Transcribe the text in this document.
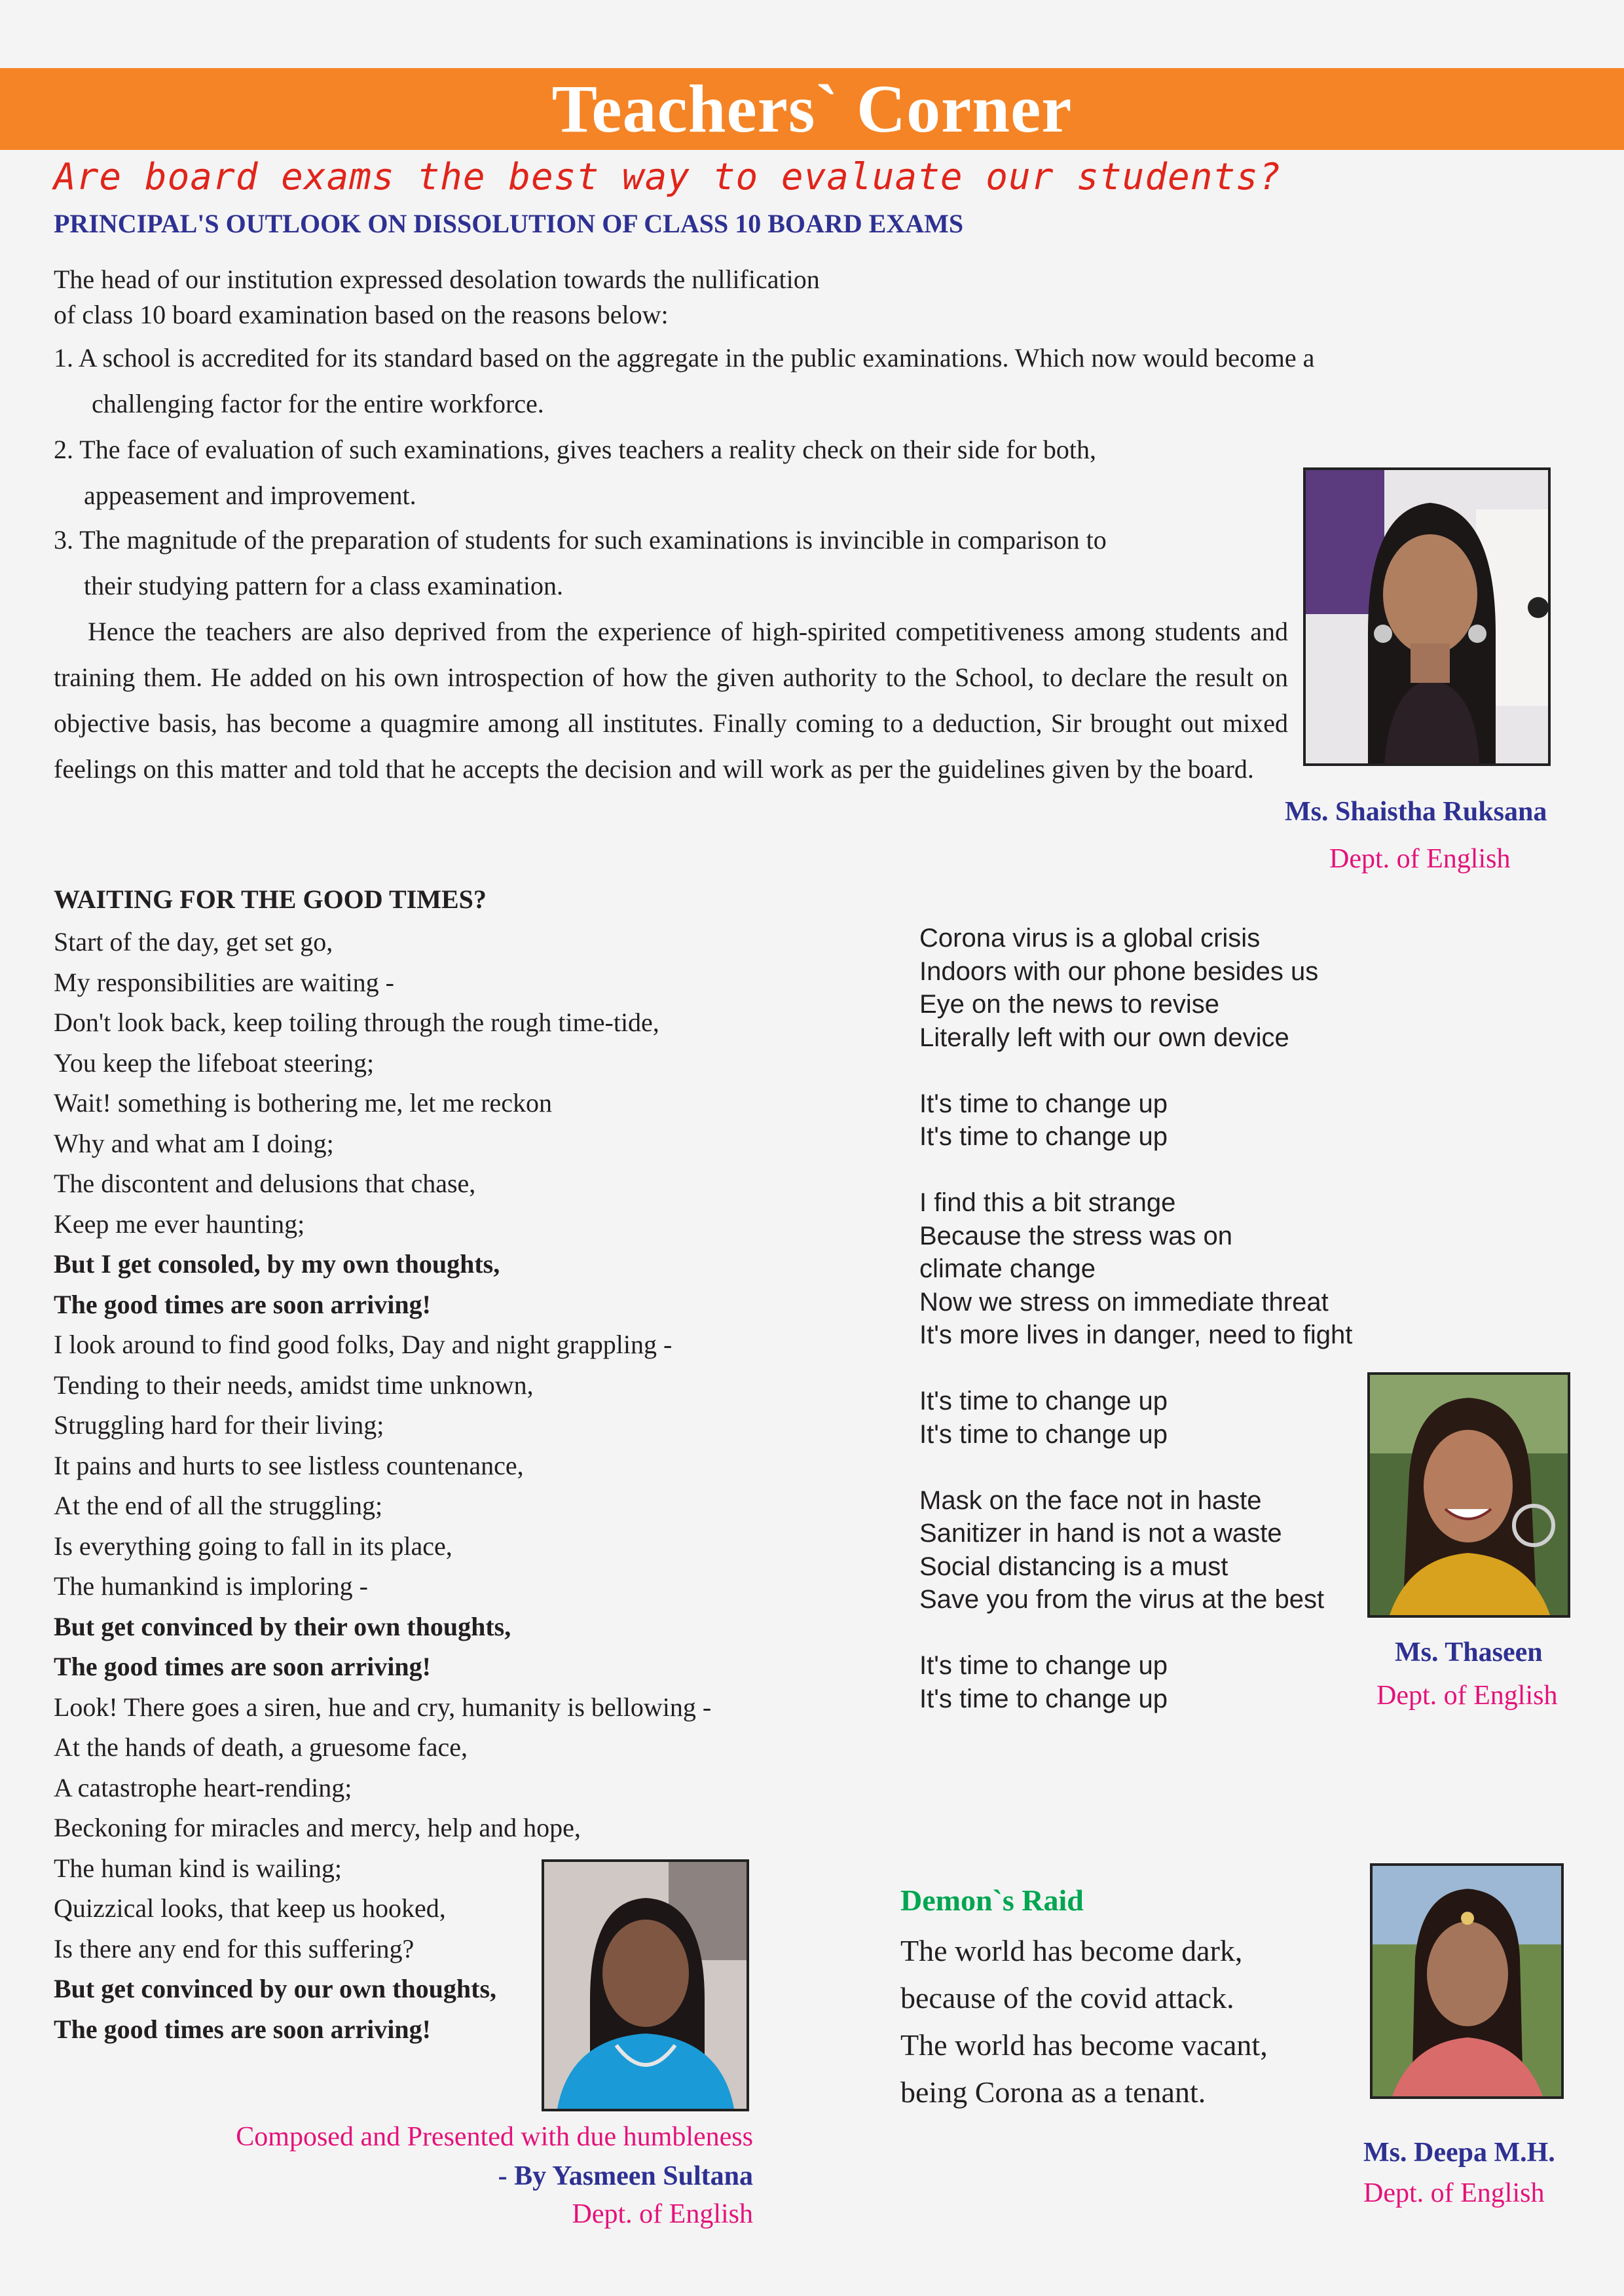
Teachers` Corner
Are board exams the best way to evaluate our students?
PRINCIPAL'S OUTLOOK ON DISSOLUTION OF CLASS 10 BOARD EXAMS

The head of our institution expressed desolation towards the nullification

of class 10 board examination based on the reasons below:

1. A school is accredited for its standard based on the aggregate in the public examinations. Which now would become a
challenging factor for the entire workforce.
2. The face of evaluation of such examinations, gives teachers a reality check on their side for both,
appeasement and improvement.
3. The magnitude of the preparation of students for such examinations is invincible in comparison to
their studying pattern for a class examination.

Hence the teachers are also deprived from the experience of high-spirited competitiveness among students and training them. He added on his own introspection of how the given authority to the School, to declare the result on objective basis, has become a quagmire among all institutes. Finally coming to a deduction, Sir brought out mixed feelings on this matter and told that he accepts the decision and will work as per the guidelines given by the board.

Ms. Shaistha Ruksana
Dept. of English
WAITING FOR THE GOOD TIMES?
Start of the day, get set go,
My responsibilities are waiting -
Don't look back, keep toiling through the rough time-tide,
You keep the lifeboat steering;
Wait! something is bothering me, let me reckon
Why and what am I doing;
The discontent and delusions that chase,
Keep me ever haunting;
But I get consoled, by my own thoughts,
The good times are soon arriving!
I look around to find good folks, Day and night grappling -
Tending to their needs, amidst time unknown,
Struggling hard for their living;
It pains and hurts to see listless countenance,
At the end of all the struggling;
Is everything going to fall in its place,
The humankind is imploring -
But get convinced by their own thoughts,
The good times are soon arriving!
Look! There goes a siren, hue and cry, humanity is bellowing -
At the hands of death, a gruesome face,
A catastrophe heart-rending;
Beckoning for miracles and mercy, help and hope,
The human kind is wailing;
Quizzical looks, that keep us hooked,
Is there any end for this suffering?
But get convinced by our own thoughts,
The good times are soon arriving!
Composed and Presented with due humbleness
- By Yasmeen Sultana
Dept. of English
Corona virus is a global crisis
Indoors with our phone besides us
Eye on the news to revise
Literally left with our own device
It's time to change up
It's time to change up
I find this a bit strange
Because the stress was on
climate change
Now we stress on immediate threat
It's more lives in danger, need to fight
It's time to change up
It's time to change up
Mask on the face not in haste
Sanitizer in hand is not a waste
Social distancing is a must
Save you from the virus at the best
It's time to change up
It's time to change up
Ms. Thaseen
Dept. of English
Demon`s Raid
The world has become dark,
because of the covid attack.
The world has become vacant,
being Corona as a tenant.
Ms. Deepa M.H.
Dept. of English
